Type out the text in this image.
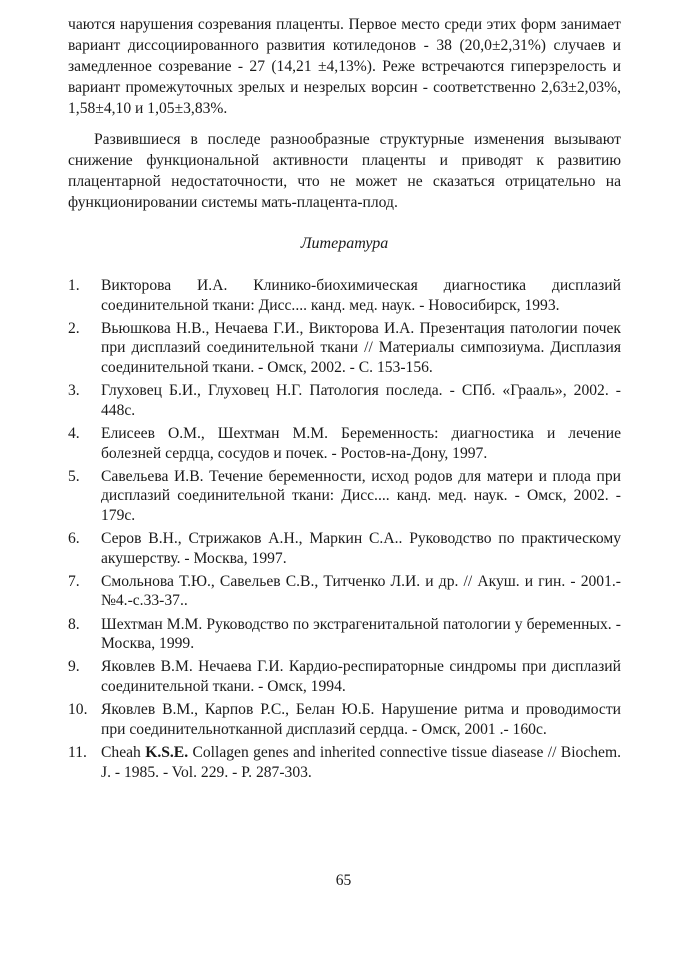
чаются нарушения созревания плаценты. Первое место среди этих форм занимает вариант диссоциированного развития котиледонов - 38 (20,0±2,31%) случаев и замедленное созревание - 27 (14,21 ±4,13%). Реже встречаются гиперзрелость и вариант промежуточных зрелых и незрелых ворсин - соответственно 2,63±2,03%, 1,58±4,10 и 1,05±3,83%.

Развившиеся в последе разнообразные структурные изменения вызывают снижение функциональной активности плаценты и приводят к развитию плацентарной недостаточности, что не может не сказаться отрицательно на функционировании системы мать-плацента-плод.

Литература
1. Викторова И.А. Клинико-биохимическая диагностика дисплазий соединительной ткани: Дисс.... канд. мед. наук. - Новосибирск, 1993.
2. Вьюшкова Н.В., Нечаева Г.И., Викторова И.А. Презентация патологии почек при дисплазий соединительной ткани // Материалы симпозиума. Дисплазия соединительной ткани. - Омск, 2002. - С. 153-156.
3. Глуховец Б.И., Глуховец Н.Г. Патология последа. - СПб. «Грааль», 2002. - 448с.
4. Елисеев О.М., Шехтман М.М. Беременность: диагностика и лечение болезней сердца, сосудов и почек. - Ростов-на-Дону, 1997.
5. Савельева И.В. Течение беременности, исход родов для матери и плода при дисплазий соединительной ткани: Дисс.... канд. мед. наук. - Омск, 2002. - 179с.
6. Серов В.Н., Стрижаков А.Н., Маркин С.А.. Руководство по практическому акушерству. - Москва, 1997.
7. Смольнова Т.Ю., Савельев С.В., Титченко Л.И. и др. // Акуш. и гин. - 2001.-№4.-с.33-37..
8. Шехтман М.М. Руководство по экстрагенитальной патологии у беременных. - Москва, 1999.
9. Яковлев В.М. Нечаева Г.И. Кардио-респираторные синдромы при дисплазий соединительной ткани. - Омск, 1994.
10. Яковлев В.М., Карпов Р.С., Белан Ю.Б. Нарушение ритма и проводимости при соединительнотканной дисплазий сердца. - Омск, 2001 .- 160с.
11. Cheah K.S.E. Collagen genes and inherited connective tissue diasease // Biochem. J. - 1985. - Vol. 229. - P. 287-303.
65
